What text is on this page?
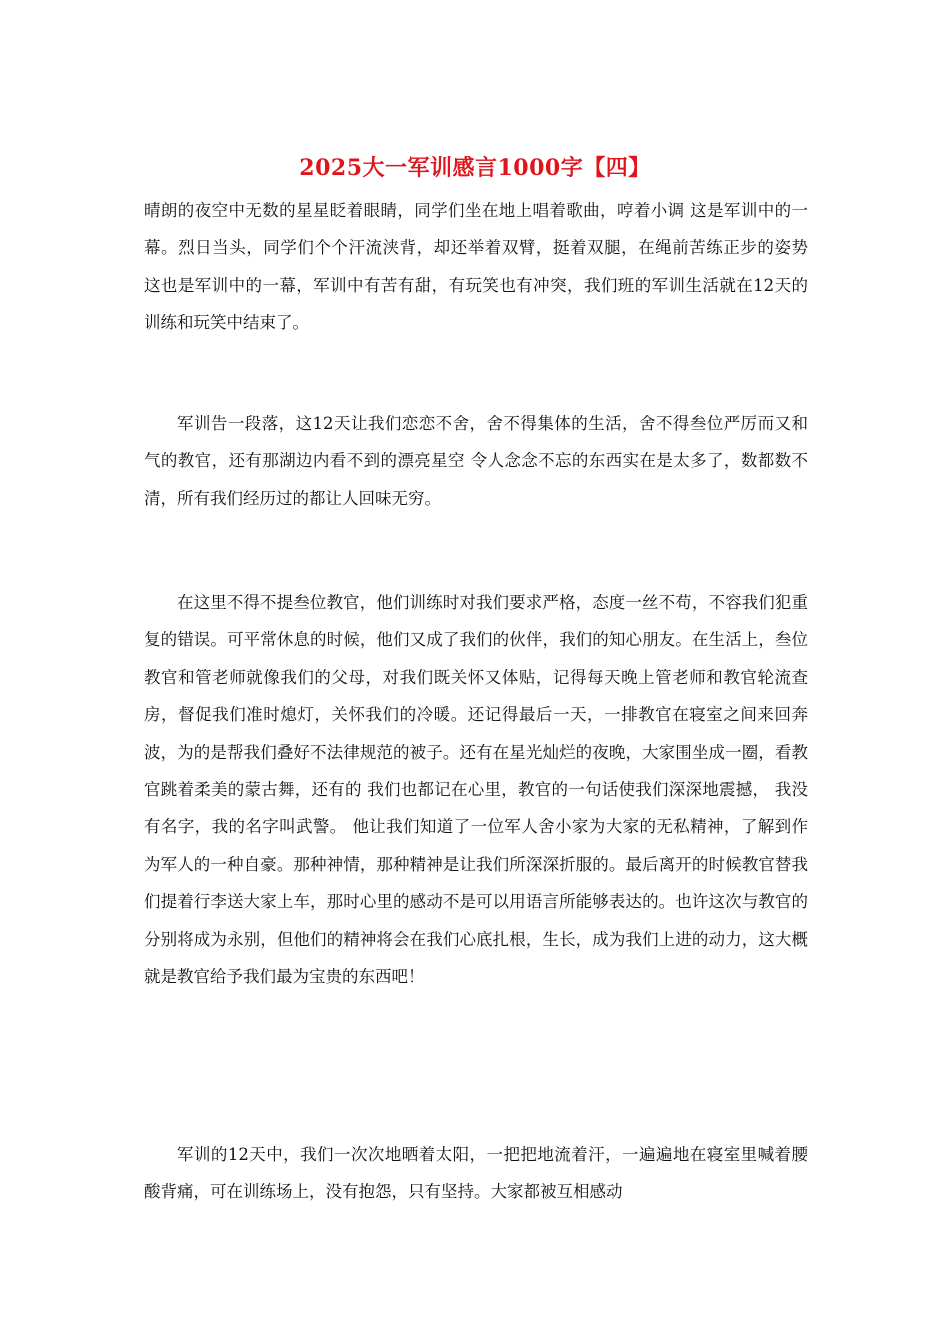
2025大一军训感言1000字【四】

晴朗的夜空中无数的星星眨着眼睛，同学们坐在地上唱着歌曲，哼着小调 这是军训中的一幕。烈日当头，同学们个个汗流浃背，却还举着双臂，挺着双腿，在绳前苦练正步的姿势 这也是军训中的一幕，军训中有苦有甜，有玩笑也有冲突，我们班的军训生活就在12天的训练和玩笑中结束了。

军训告一段落，这12天让我们恋恋不舍，舍不得集体的生活，舍不得叁位严厉而又和气的教官，还有那湖边内看不到的漂亮星空 令人念念不忘的东西实在是太多了，数都数不清，所有我们经历过的都让人回味无穷。

在这里不得不提叁位教官，他们训练时对我们要求严格，态度一丝不苟，不容我们犯重复的错误。可平常休息的时候，他们又成了我们的伙伴，我们的知心朋友。在生活上，叁位教官和管老师就像我们的父母，对我们既关怀又体贴，记得每天晚上管老师和教官轮流查房，督促我们准时熄灯，关怀我们的冷暖。还记得最后一天，一排教官在寝室之间来回奔波，为的是帮我们叠好不法律规范的被子。还有在星光灿烂的夜晚，大家围坐成一圈，看教官跳着柔美的蒙古舞，还有的 我们也都记在心里，教官的一句话使我们深深地震撼， 我没有名字，我的名字叫武警。 他让我们知道了一位军人舍小家为大家的无私精神，了解到作为军人的一种自豪。那种神情，那种精神是让我们所深深折服的。最后离开的时候教官替我们提着行李送大家上车，那时心里的感动不是可以用语言所能够表达的。也许这次与教官的分别将成为永别，但他们的精神将会在我们心底扎根，生长，成为我们上进的动力，这大概就是教官给予我们最为宝贵的东西吧！

军训的12天中，我们一次次地晒着太阳，一把把地流着汗，一遍遍地在寝室里喊着腰酸背痛，可在训练场上，没有抱怨，只有坚持。大家都被互相感动
